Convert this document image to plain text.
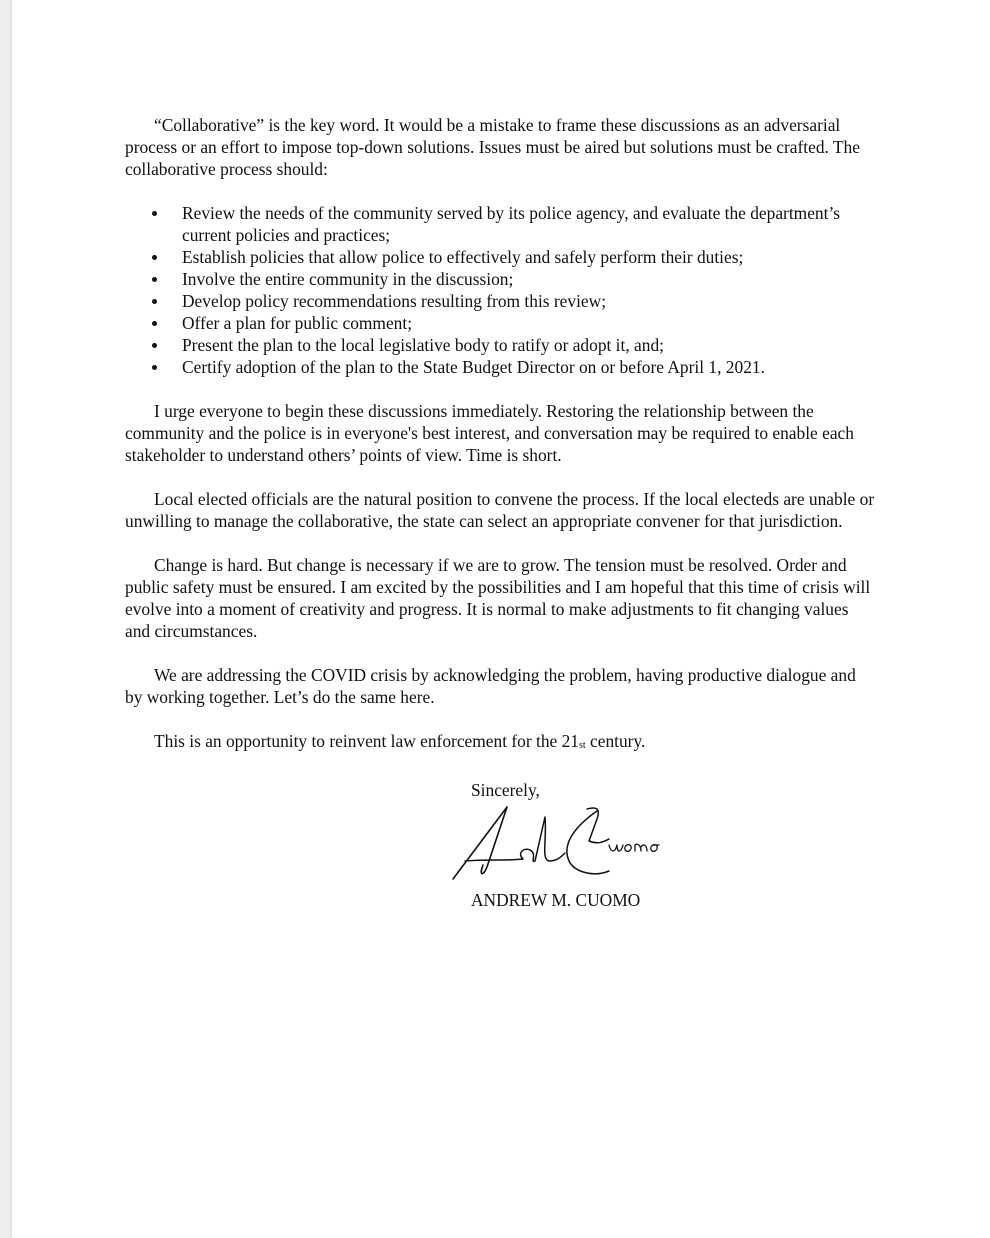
“Collaborative” is the key word. It would be a mistake to frame these discussions as an adversarial process or an effort to impose top-down solutions. Issues must be aired but solutions must be crafted. The collaborative process should:

Review the needs of the community served by its police agency, and evaluate the department’s current policies and practices;
Establish policies that allow police to effectively and safely perform their duties;
Involve the entire community in the discussion;
Develop policy recommendations resulting from this review;
Offer a plan for public comment;
Present the plan to the local legislative body to ratify or adopt it, and;
Certify adoption of the plan to the State Budget Director on or before April 1, 2021.

I urge everyone to begin these discussions immediately. Restoring the relationship between the community and the police is in everyone's best interest, and conversation may be required to enable each stakeholder to understand others’ points of view. Time is short.

Local elected officials are the natural position to convene the process. If the local electeds are unable or unwilling to manage the collaborative, the state can select an appropriate convener for that jurisdiction.

Change is hard. But change is necessary if we are to grow. The tension must be resolved. Order and public safety must be ensured. I am excited by the possibilities and I am hopeful that this time of crisis will evolve into a moment of creativity and progress. It is normal to make adjustments to fit changing values and circumstances.

We are addressing the COVID crisis by acknowledging the problem, having productive dialogue and by working together. Let’s do the same here.

This is an opportunity to reinvent law enforcement for the 21st century.

Sincerely,
ANDREW M. CUOMO
